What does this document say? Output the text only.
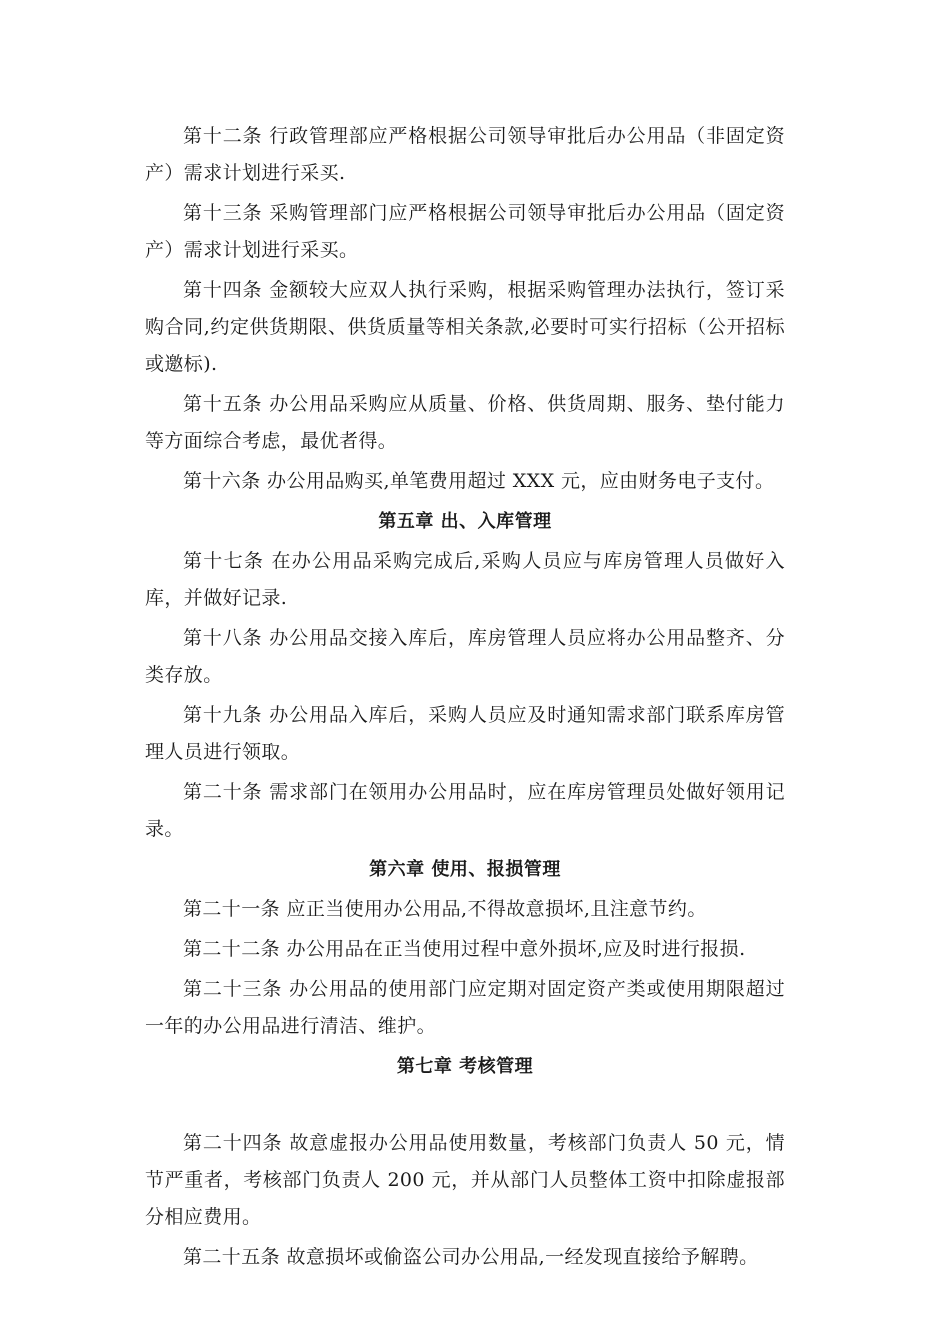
第十二条 行政管理部应严格根据公司领导审批后办公用品（非固定资产）需求计划进行采买.

第十三条 采购管理部门应严格根据公司领导审批后办公用品（固定资产）需求计划进行采买。

第十四条 金额较大应双人执行采购，根据采购管理办法执行，签订采购合同,约定供货期限、供货质量等相关条款,必要时可实行招标（公开招标或邀标).

第十五条 办公用品采购应从质量、价格、供货周期、服务、垫付能力等方面综合考虑，最优者得。

第十六条 办公用品购买,单笔费用超过 XXX 元，应由财务电子支付。

第五章 出、入库管理

第十七条 在办公用品采购完成后,采购人员应与库房管理人员做好入库，并做好记录.

第十八条 办公用品交接入库后，库房管理人员应将办公用品整齐、分类存放。

第十九条 办公用品入库后，采购人员应及时通知需求部门联系库房管理人员进行领取。

第二十条 需求部门在领用办公用品时，应在库房管理员处做好领用记录。

第六章 使用、报损管理

第二十一条 应正当使用办公用品,不得故意损坏,且注意节约。

第二十二条 办公用品在正当使用过程中意外损坏,应及时进行报损.

第二十三条 办公用品的使用部门应定期对固定资产类或使用期限超过一年的办公用品进行清洁、维护。

第七章 考核管理

第二十四条 故意虚报办公用品使用数量，考核部门负责人 50 元，情节严重者，考核部门负责人 200 元，并从部门人员整体工资中扣除虚报部分相应费用。

第二十五条 故意损坏或偷盗公司办公用品,一经发现直接给予解聘。
